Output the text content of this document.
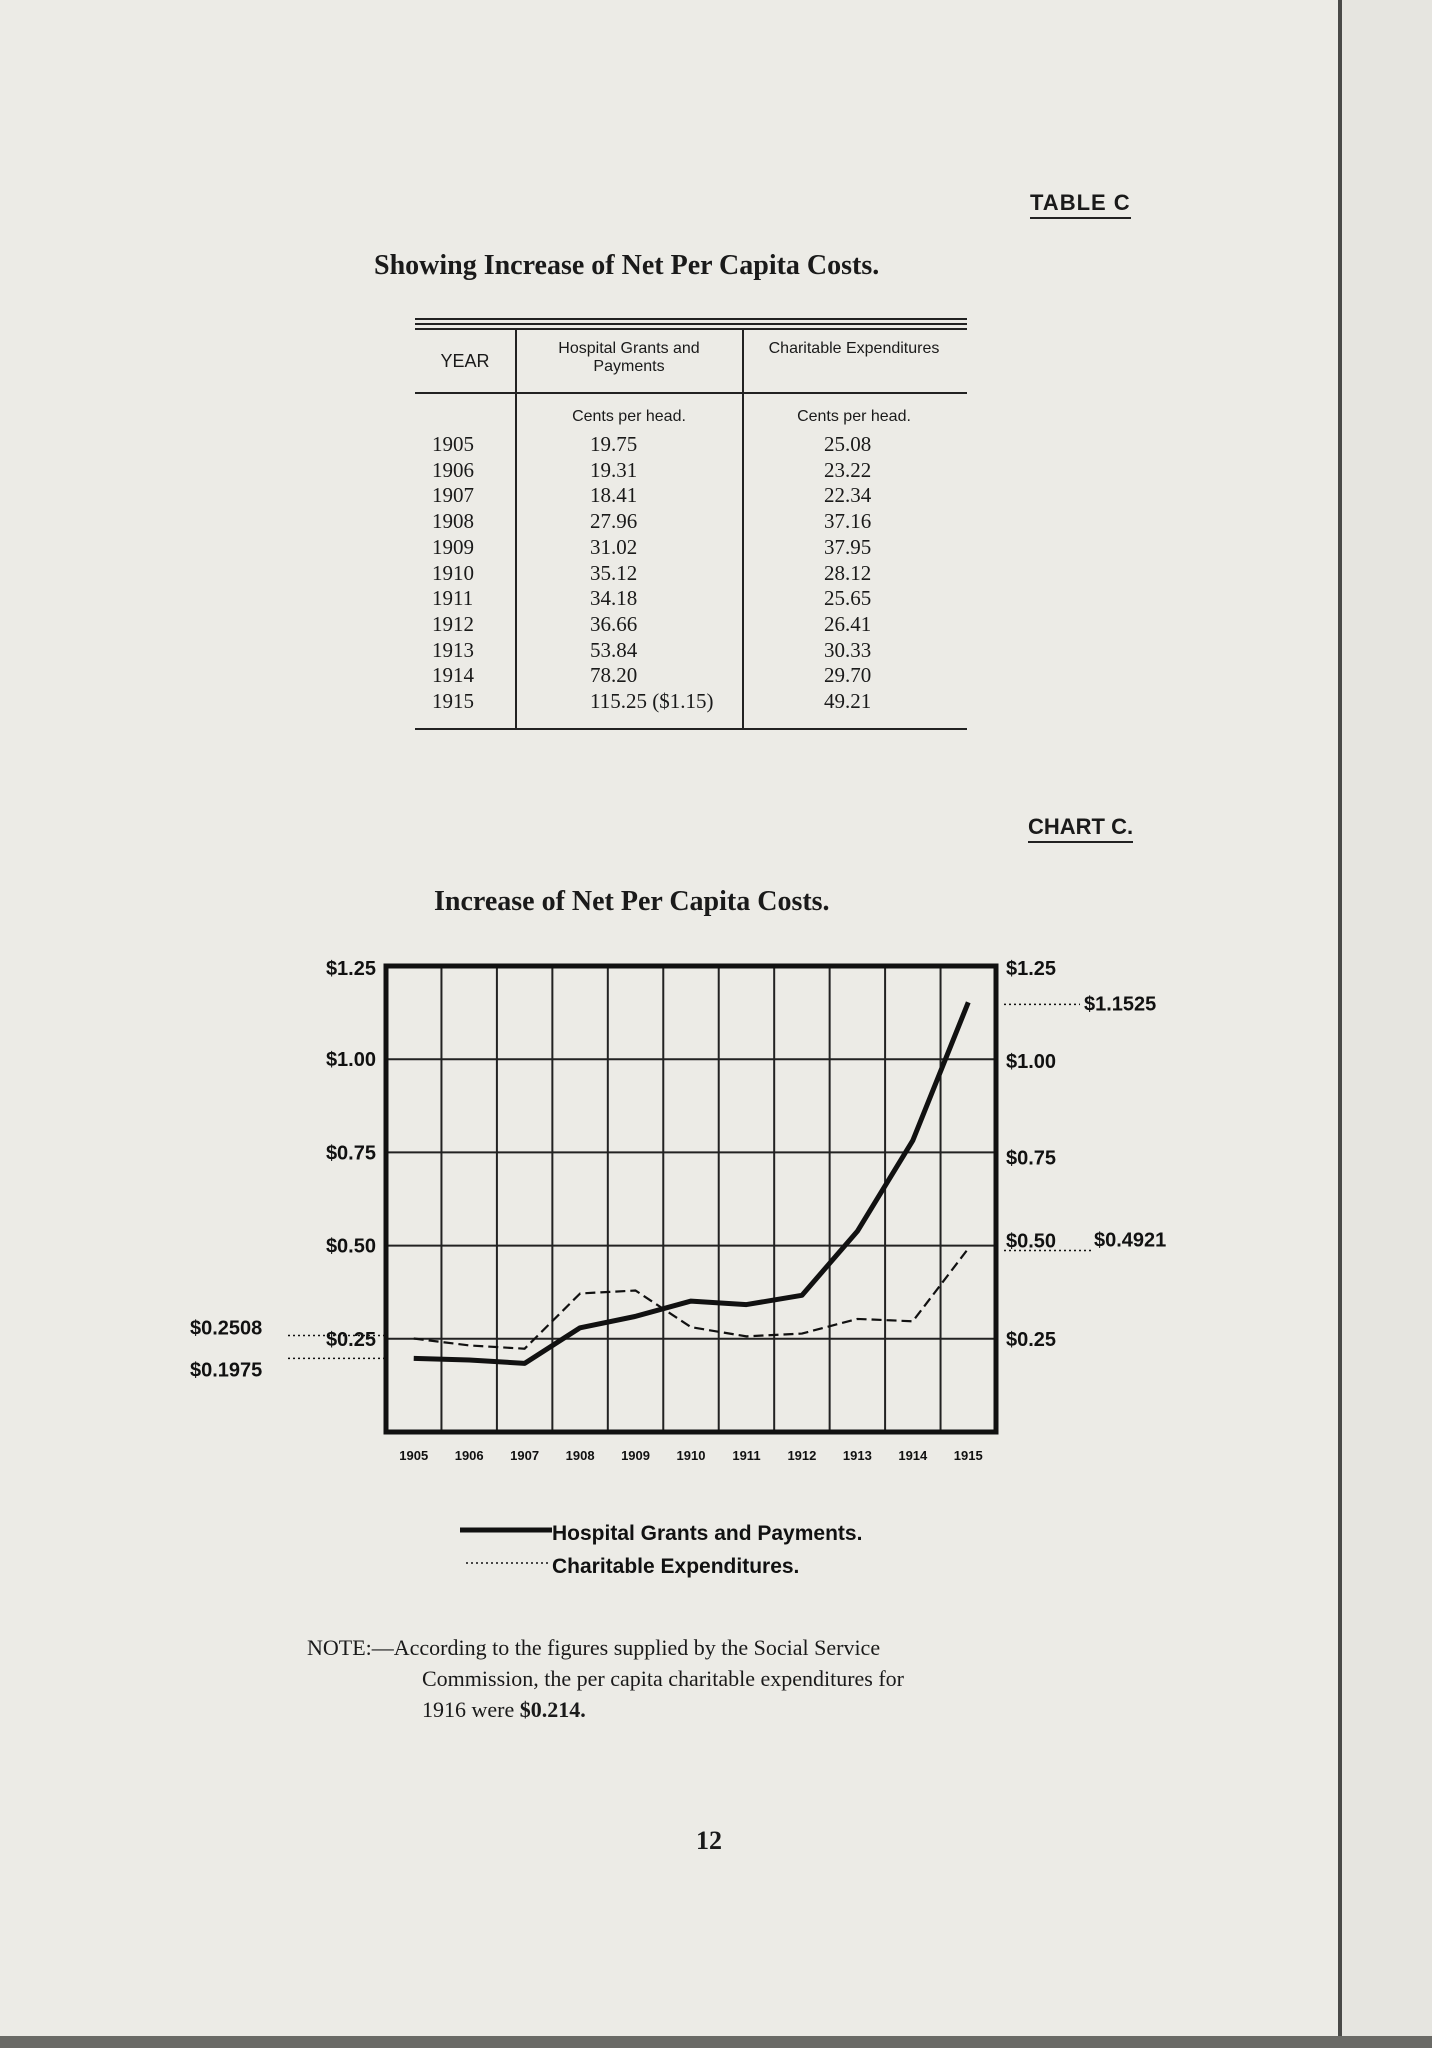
TABLE C
Showing Increase of Net Per Capita Costs.
YEAR
Hospital Grants and Payments
Charitable Expenditures
Cents per head.	Cents per head.
1905
1906
1907
1908
1909
1910
1911
1912
1913
1914
1915
19.75
19.31
18.41
27.96
31.02
35.12
34.18
36.66
53.84
78.20
115.25 ($1.15)
25.08
23.22
22.34
37.16
37.95
28.12
25.65
26.41
30.33
29.70
49.21
CHART C.
Increase of Net Per Capita Costs.
$1.25
$1.00
$0.75
$0.50
$0.25
$1.25
$1.00
$0.75
$0.50
$0.25
1905 1906 1907 1908 1909 1910 1911 1912 1913 1914 1915
$0.2508
$0.1975
$1.1525
$0.4921
Hospital Grants and Payments.
Charitable Expenditures.
NOTE:—According to the figures supplied by the Social Service
Commission, the per capita charitable expenditures for
1916 were $0.214.
12
